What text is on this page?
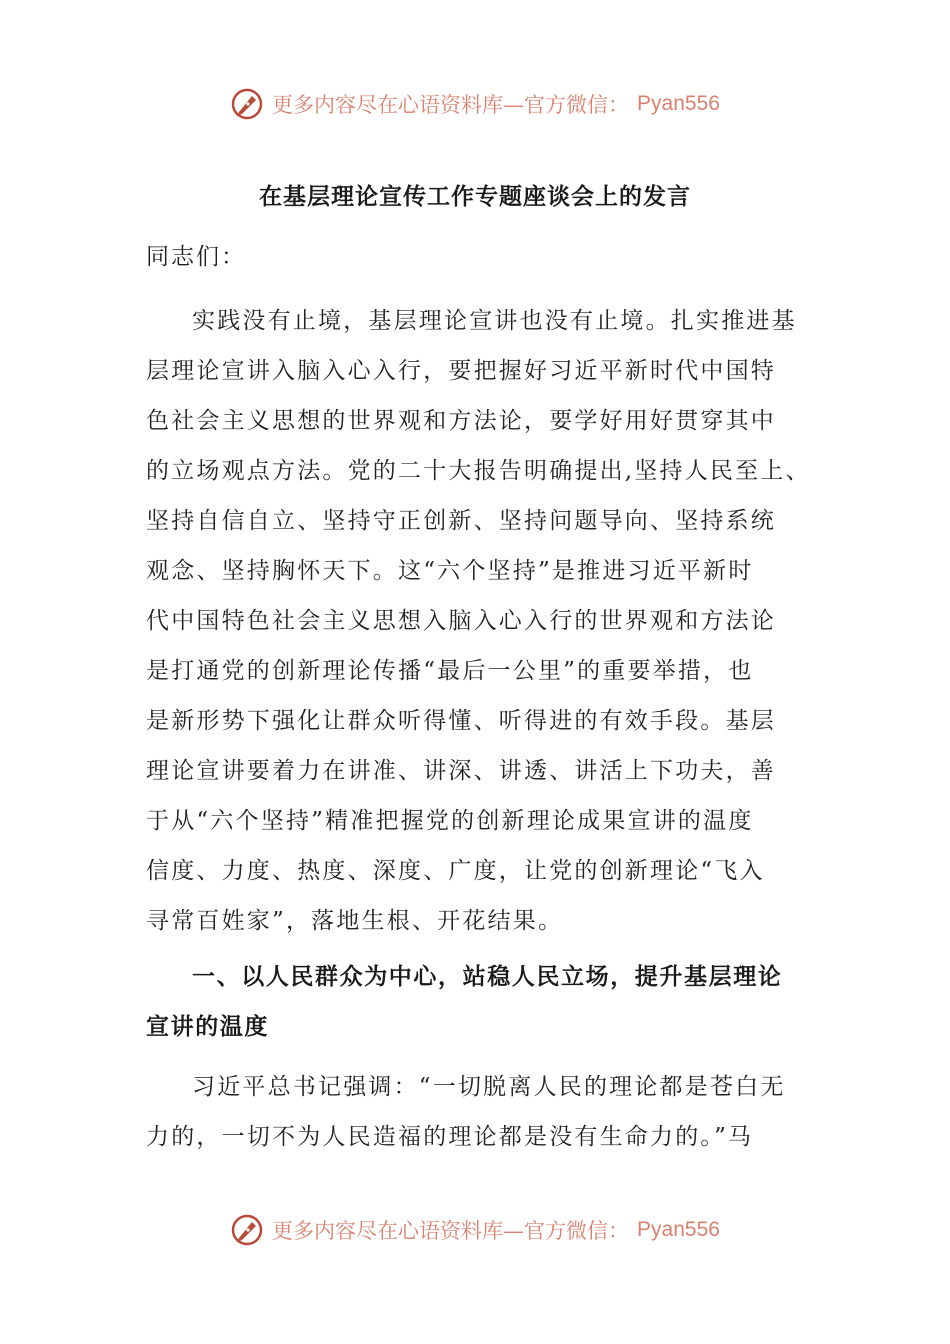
更多内容尽在心语资料库—官方微信： Pyan556
在基层理论宣传工作专题座谈会上的发言
同志们：
实践没有止境，基层理论宣讲也没有止境。扎实推进基
层理论宣讲入脑入心入行，要把握好习近平新时代中国特
色社会主义思想的世界观和方法论，要学好用好贯穿其中
的立场观点方法。党的二十大报告明确提出,坚持人民至上、
坚持自信自立、坚持守正创新、坚持问题导向、坚持系统
观念、坚持胸怀天下。这“六个坚持”是推进习近平新时
代中国特色社会主义思想入脑入心入行的世界观和方法论
是打通党的创新理论传播“最后一公里”的重要举措，也
是新形势下强化让群众听得懂、听得进的有效手段。基层
理论宣讲要着力在讲准、讲深、讲透、讲活上下功夫，善
于从“六个坚持”精准把握党的创新理论成果宣讲的温度
信度、力度、热度、深度、广度，让党的创新理论“飞入
寻常百姓家”，落地生根、开花结果。
一、以人民群众为中心，站稳人民立场，提升基层理论
宣讲的温度
习近平总书记强调：“一切脱离人民的理论都是苍白无
力的，一切不为人民造福的理论都是没有生命力的。”马
更多内容尽在心语资料库—官方微信： Pyan556
